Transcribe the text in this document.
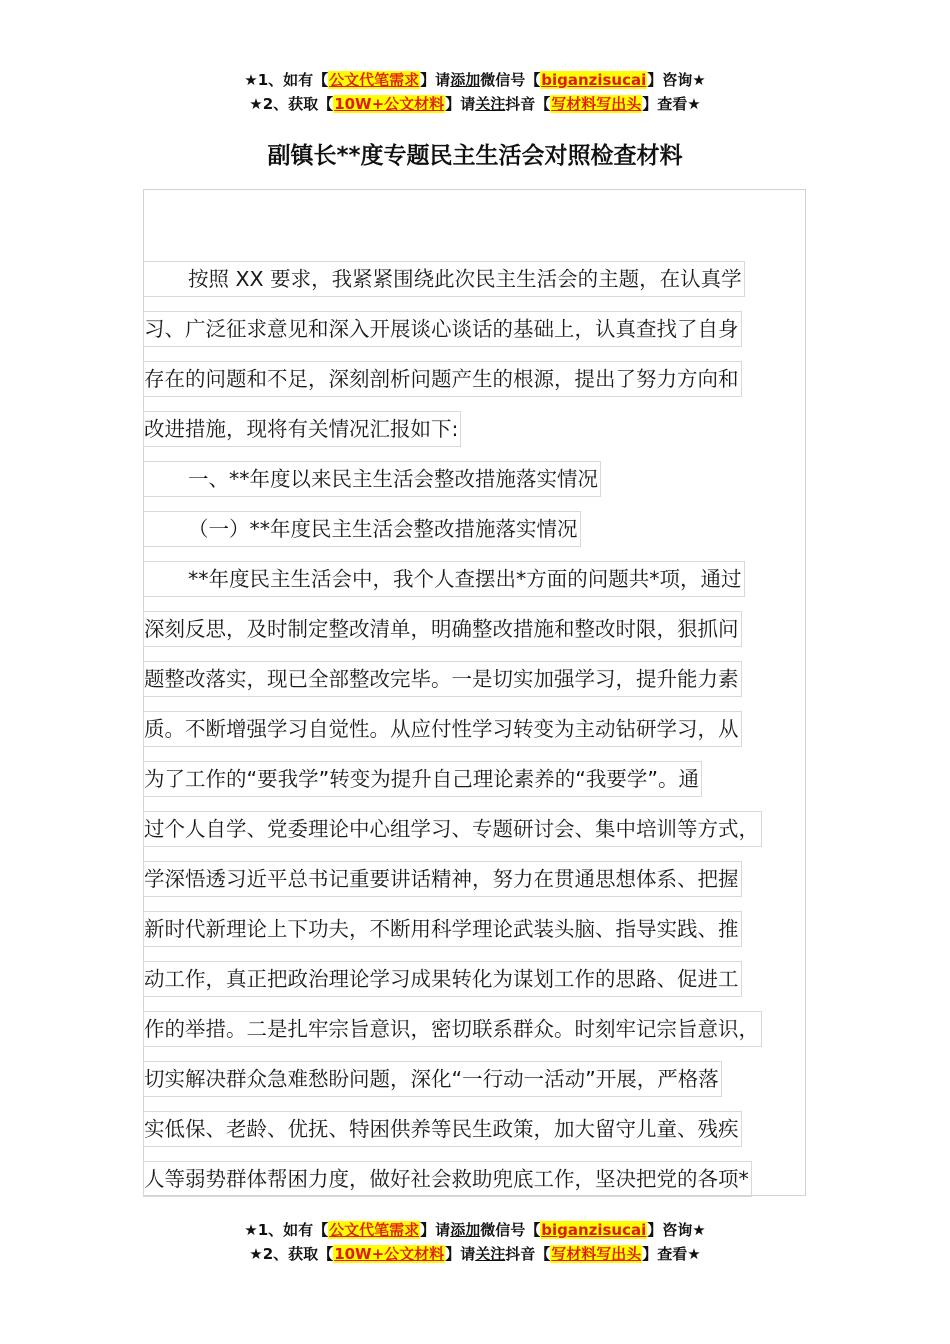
★1、如有【公文代笔需求】请添加微信号【biganzisucai】咨询★
★2、获取【10W+公文材料】请关注抖音【写材料写出头】查看★
副镇长**度专题民主生活会对照检查材料
按照 XX 要求，我紧紧围绕此次民主生活会的主题，在认真学
习、广泛征求意见和深入开展谈心谈话的基础上，认真查找了自身
存在的问题和不足，深刻剖析问题产生的根源，提出了努力方向和
改进措施，现将有关情况汇报如下:
一、**年度以来民主生活会整改措施落实情况
（一）**年度民主生活会整改措施落实情况
**年度民主生活会中，我个人查摆出*方面的问题共*项，通过
深刻反思，及时制定整改清单，明确整改措施和整改时限，狠抓问
题整改落实，现已全部整改完毕。一是切实加强学习，提升能力素
质。不断增强学习自觉性。从应付性学习转变为主动钻研学习，从
为了工作的“要我学”转变为提升自己理论素养的“我要学”。通
过个人自学、党委理论中心组学习、专题研讨会、集中培训等方式，
学深悟透习近平总书记重要讲话精神，努力在贯通思想体系、把握
新时代新理论上下功夫，不断用科学理论武装头脑、指导实践、推
动工作，真正把政治理论学习成果转化为谋划工作的思路、促进工
作的举措。二是扎牢宗旨意识，密切联系群众。时刻牢记宗旨意识，
切实解决群众急难愁盼问题，深化“一行动一活动”开展，严格落
实低保、老龄、优抚、特困供养等民生政策，加大留守儿童、残疾
人等弱势群体帮困力度，做好社会救助兜底工作，坚决把党的各项*
★1、如有【公文代笔需求】请添加微信号【biganzisucai】咨询★
★2、获取【10W+公文材料】请关注抖音【写材料写出头】查看★
